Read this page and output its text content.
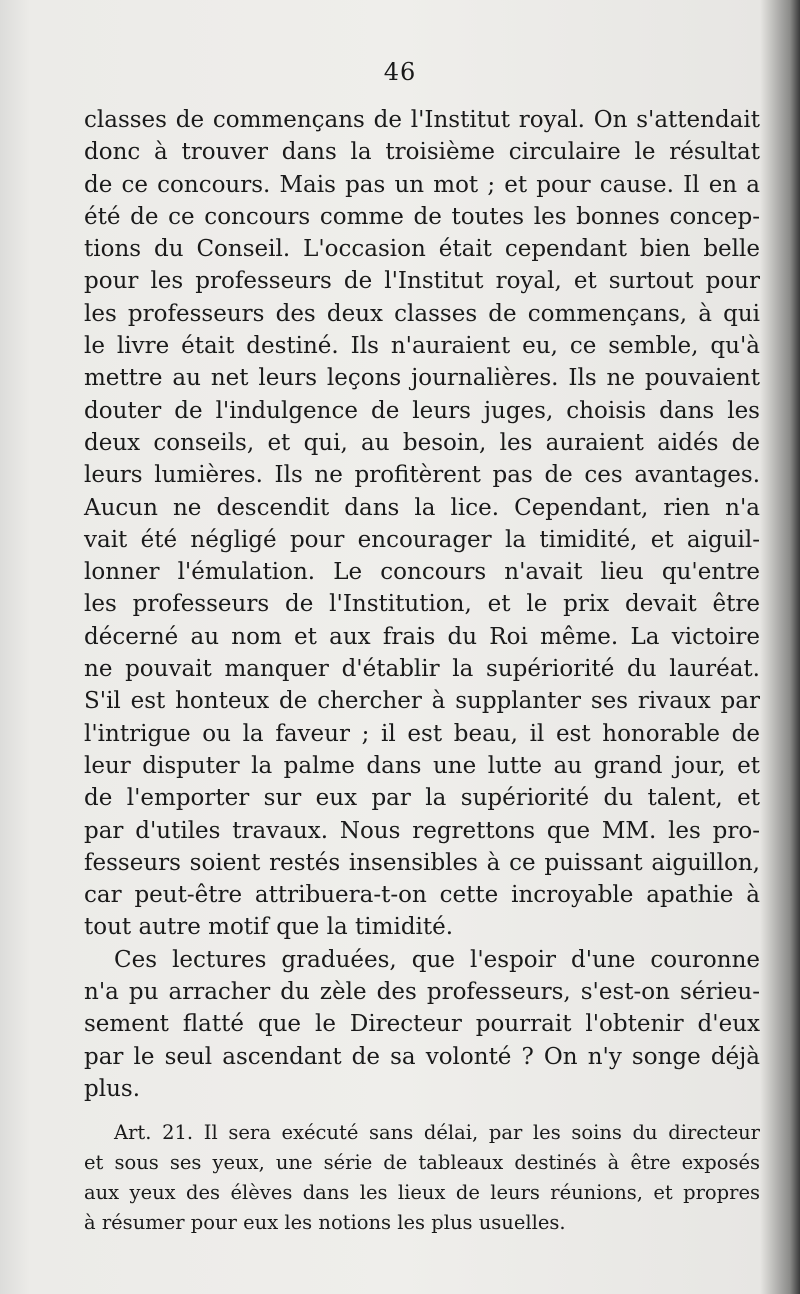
46
classes de commençans de l'Institut royal. On s'attendait
donc à trouver dans la troisième circulaire le résultat
de ce concours. Mais pas un mot ; et pour cause. Il en a
été de ce concours comme de toutes les bonnes concep-
tions du Conseil. L'occasion était cependant bien belle
pour les professeurs de l'Institut royal, et surtout pour
les professeurs des deux classes de commençans, à qui
le livre était destiné. Ils n'auraient eu, ce semble, qu'à
mettre au net leurs leçons journalières. Ils ne pouvaient
douter de l'indulgence de leurs juges, choisis dans les
deux conseils, et qui, au besoin, les auraient aidés de
leurs lumières. Ils ne profitèrent pas de ces avantages.
Aucun ne descendit dans la lice. Cependant, rien n'a
vait été négligé pour encourager la timidité, et aiguil-
lonner l'émulation. Le concours n'avait lieu qu'entre
les professeurs de l'Institution, et le prix devait être
décerné au nom et aux frais du Roi même. La victoire
ne pouvait manquer d'établir la supériorité du lauréat.
S'il est honteux de chercher à supplanter ses rivaux par
l'intrigue ou la faveur ; il est beau, il est honorable de
leur disputer la palme dans une lutte au grand jour, et
de l'emporter sur eux par la supériorité du talent, et
par d'utiles travaux. Nous regrettons que MM. les pro-
fesseurs soient restés insensibles à ce puissant aiguillon,
car peut-être attribuera-t-on cette incroyable apathie à
tout autre motif que la timidité.
Ces lectures graduées, que l'espoir d'une couronne
n'a pu arracher du zèle des professeurs, s'est-on sérieu-
sement flatté que le Directeur pourrait l'obtenir d'eux
par le seul ascendant de sa volonté ? On n'y songe déjà
plus.
Art. 21. Il sera exécuté sans délai, par les soins du directeur
et sous ses yeux, une série de tableaux destinés à être exposés
aux yeux des élèves dans les lieux de leurs réunions, et propres
à résumer pour eux les notions les plus usuelles.
